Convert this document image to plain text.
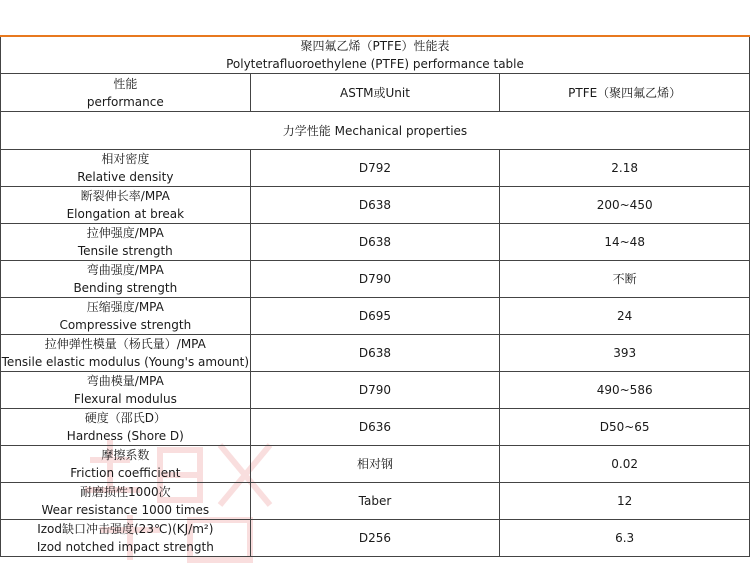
聚四氟乙烯（PTFE）性能表
Polytetrafluoroethylene (PTFE) performance table		

性能
performance	ASTM或Unit	PTFE（聚四氟乙烯）
力学性能 Mechanical properties		

相对密度
Relative density	D792	2.18

断裂伸长率/MPA
Elongation at break	D638	200~450

拉伸强度/MPA
Tensile strength	D638	14~48

弯曲强度/MPA
Bending strength	D790	不断

压缩强度/MPA
Compressive strength	D695	24

拉伸弹性模量（杨氏量）/MPA
Tensile elastic modulus (Young's amount)	D638	393

弯曲模量/MPA
Flexural modulus	D790	490~586

硬度（邵氏D）
Hardness (Shore D)	D636	D50~65

摩擦系数
Friction coefficient	相对钢	0.02

耐磨损性1000次
Wear resistance 1000 times	Taber	12

Izod缺口冲击强度(23℃)(KJ/m²)
Izod notched impact strength	D256	6.3
